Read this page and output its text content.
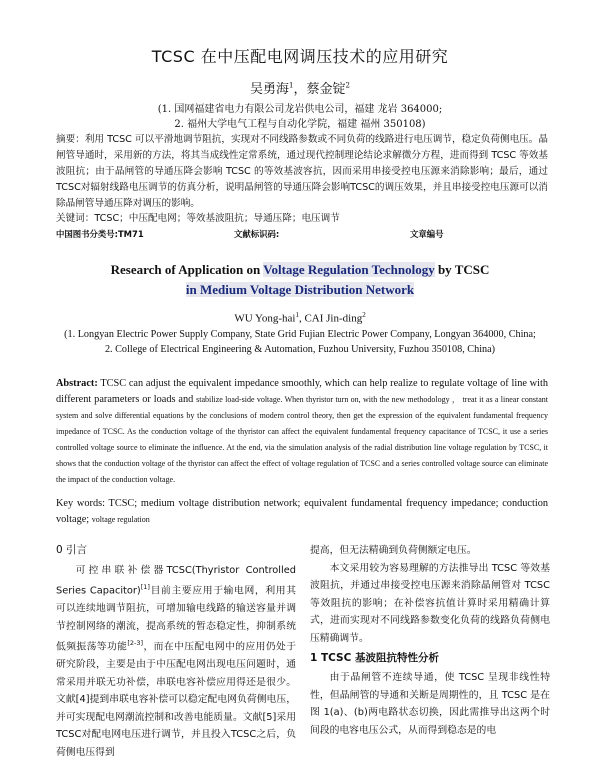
TCSC 在中压配电网调压技术的应用研究
吴勇海$^1$，蔡金锭$^2$
(1. 国网福建省电力有限公司龙岩供电公司，福建 龙岩 364000;
2. 福州大学电气工程与自动化学院，福建 福州 350108)
摘要：利用 TCSC 可以平滑地调节阻抗，实现对不同线路参数或不同负荷的线路进行电压调节，稳定负荷侧电压。晶闸管导通时，采用新的方法，将其当成线性定常系统，通过现代控制理论结论求解微分方程，进而得到 TCSC 等效基波阻抗；由于晶闸管的导通压降会影响 TCSC 的等效基波容抗，因而采用串接受控电压源来消除影响；最后，通过TCSC对辐射线路电压调节的仿真分析，说明晶闸管的导通压降会影响TCSC的调压效果，并且串接受控电压源可以消除晶闸管导通压降对调压的影响。
关键词：TCSC；中压配电网；等效基波阻抗；导通压降；电压调节
中国图书分类号:TM71	文献标识码:	文章编号
Research of Application on Voltage Regulation Technology by TCSC
in Medium Voltage Distribution Network
WU Yong-hai$^1$, CAI Jin-ding$^2$
(1. Longyan Electric Power Supply Company, State Grid Fujian Electric Power Company, Longyan 364000, China; 2. College of Electrical Engineering & Automation, Fuzhou University, Fuzhou 350108, China)
Abstract: TCSC can adjust the equivalent impedance smoothly, which can help realize to regulate voltage of line with different parameters or loads and stabilize load-side voltage. When thyristor turn on, with the new methodology ， treat it as a linear constant system and solve differential equations by the conclusions of modern control theory, then get the expression of the equivalent fundamental frequency impedance of TCSC. As the conduction voltage of the thyristor can affect the equivalent fundamental frequency capacitance of TCSC, it use a series controlled voltage source to eliminate the influence. At the end, via the simulation analysis of the radial distribution line voltage regulation by TCSC, it shows that the conduction voltage of the thyristor can affect the effect of voltage regulation of TCSC and a series controlled voltage source can eliminate the impact of the conduction voltage.
Key words: TCSC; medium voltage distribution network; equivalent fundamental frequency impedance; conduction voltage; voltage regulation
0 引言
可控串联补偿器TCSC(Thyristor Controlled Series Capacitor)[1]目前主要应用于输电网，利用其可以连续地调节阻抗，可增加输电线路的输送容量并调节控制网络的潮流，提高系统的暂态稳定性，抑制系统低频振荡等功能[2-3]，而在中压配电网中的应用仍处于研究阶段，主要是由于中压配电网出现电压问题时，通常采用并联无功补偿，串联电容补偿应用得还是很少。文献[4]提到串联电容补偿可以稳定配电网负荷侧电压，并可实现配电网潮流控制和改善电能质量。文献[5]采用TCSC对配电网电压进行调节，并且投入TCSC之后，负荷侧电压得到
提高，但无法精确到负荷侧额定电压。
本文采用较为容易理解的方法推导出 TCSC 等效基波阻抗，并通过串接受控电压源来消除晶闸管对 TCSC 等效阻抗的影响；在补偿容抗值计算时采用精确计算式，进而实现对不同线路参数变化负荷的线路负荷侧电压精确调节。
1 TCSC 基波阻抗特性分析
由于晶闸管不连续导通，使 TCSC 呈现非线性特性，但晶闸管的导通和关断是周期性的，且 TCSC 是在图 1(a)、(b)两电路状态切换，因此需推导出这两个时间段的电容电压公式，从而得到稳态是的电
